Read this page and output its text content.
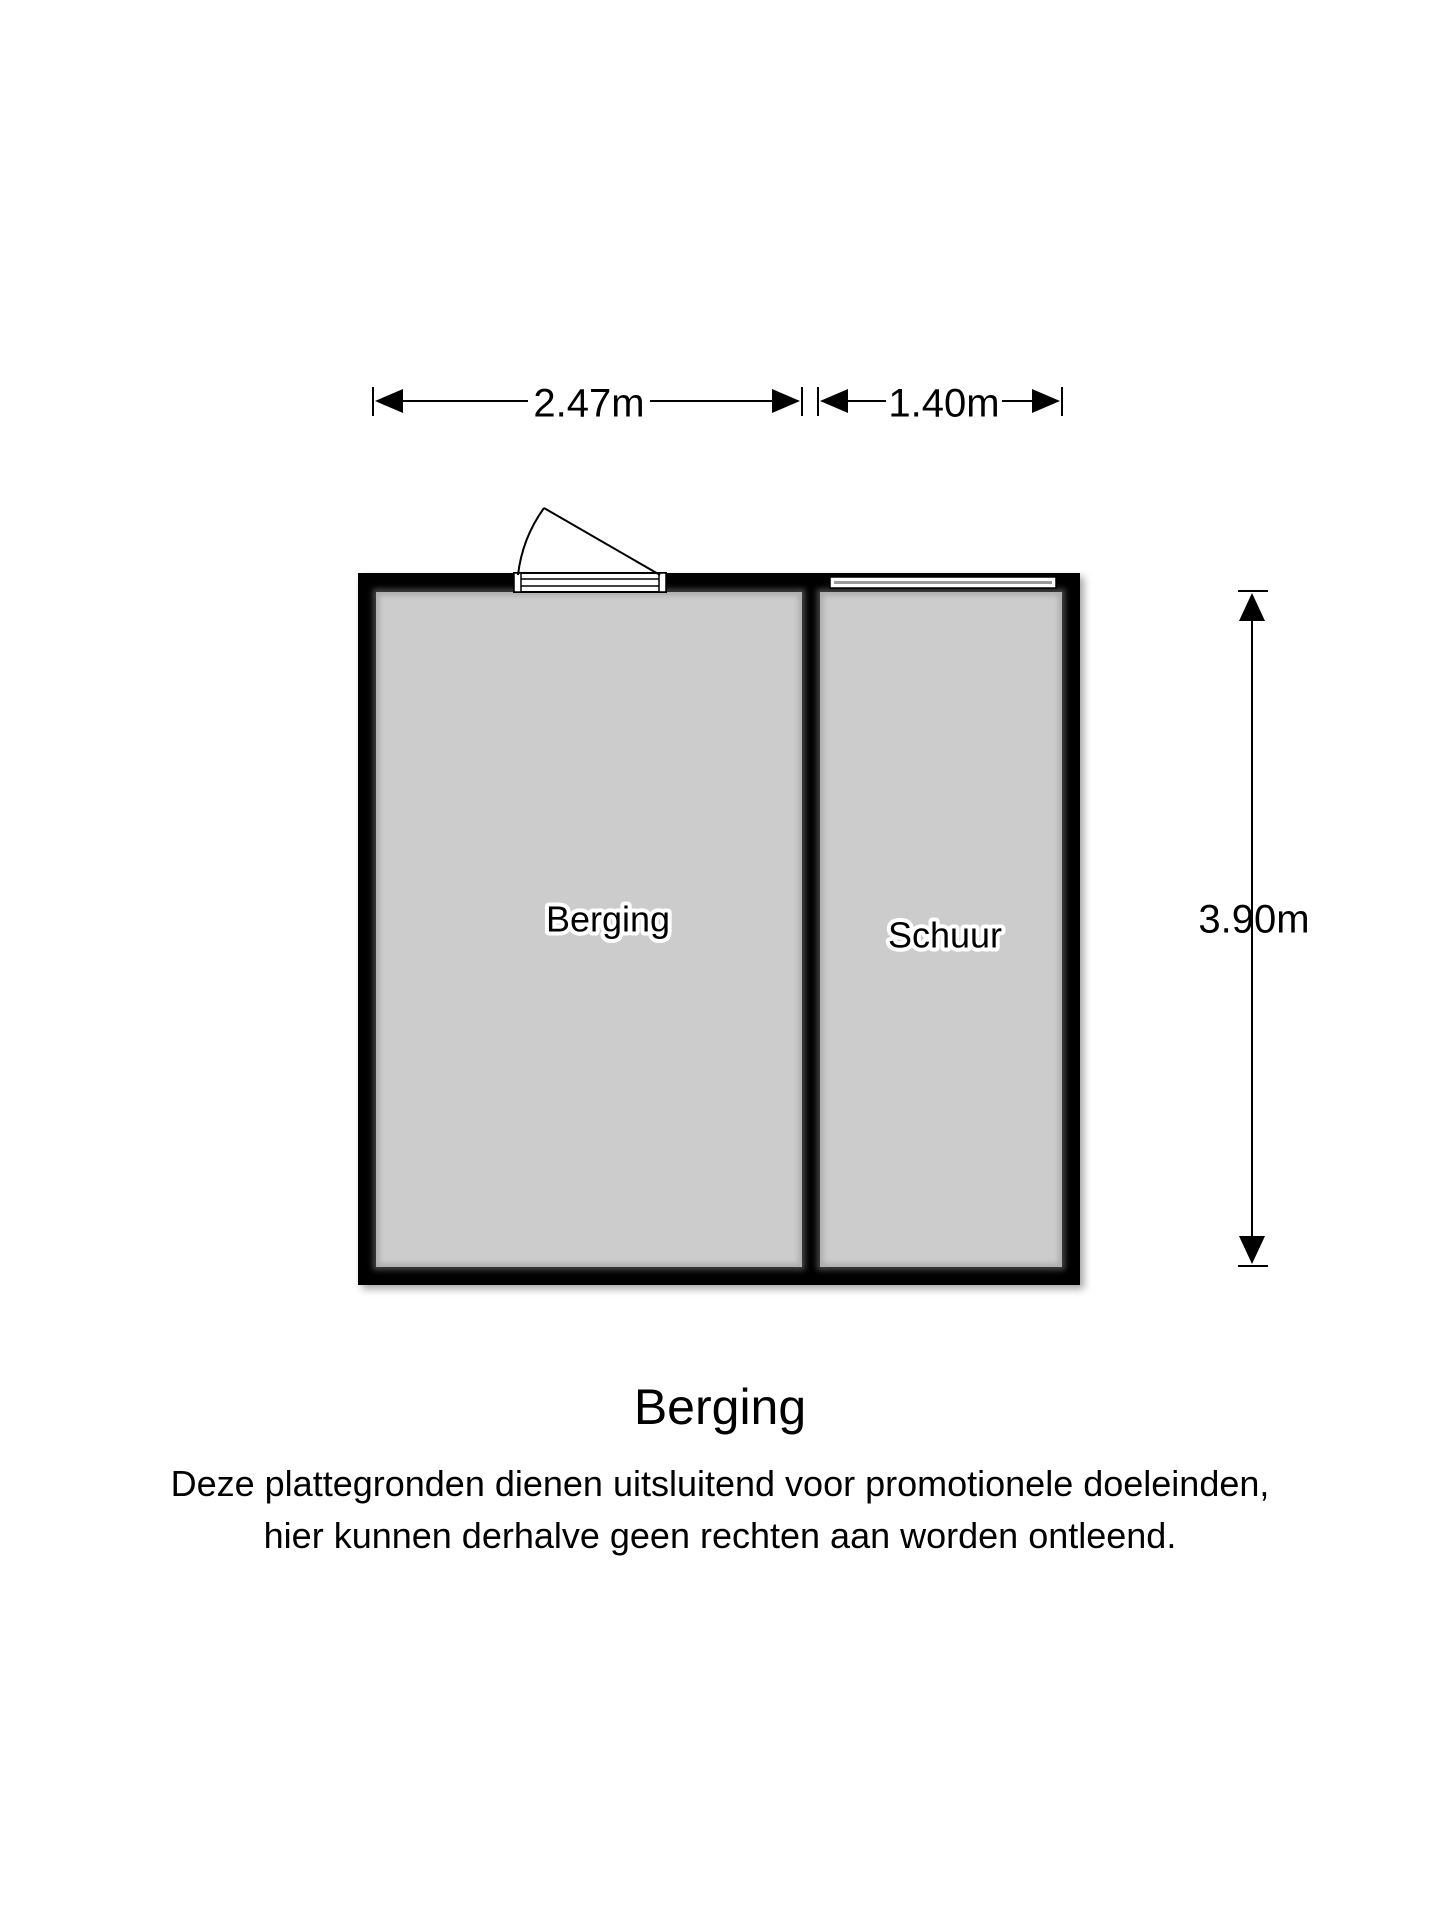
2.47m	1.40m
3.90m
Berging	Schuur
Berging

Deze plattegronden dienen uitsluitend voor promotionele doeleinden,
hier kunnen derhalve geen rechten aan worden ontleend.
